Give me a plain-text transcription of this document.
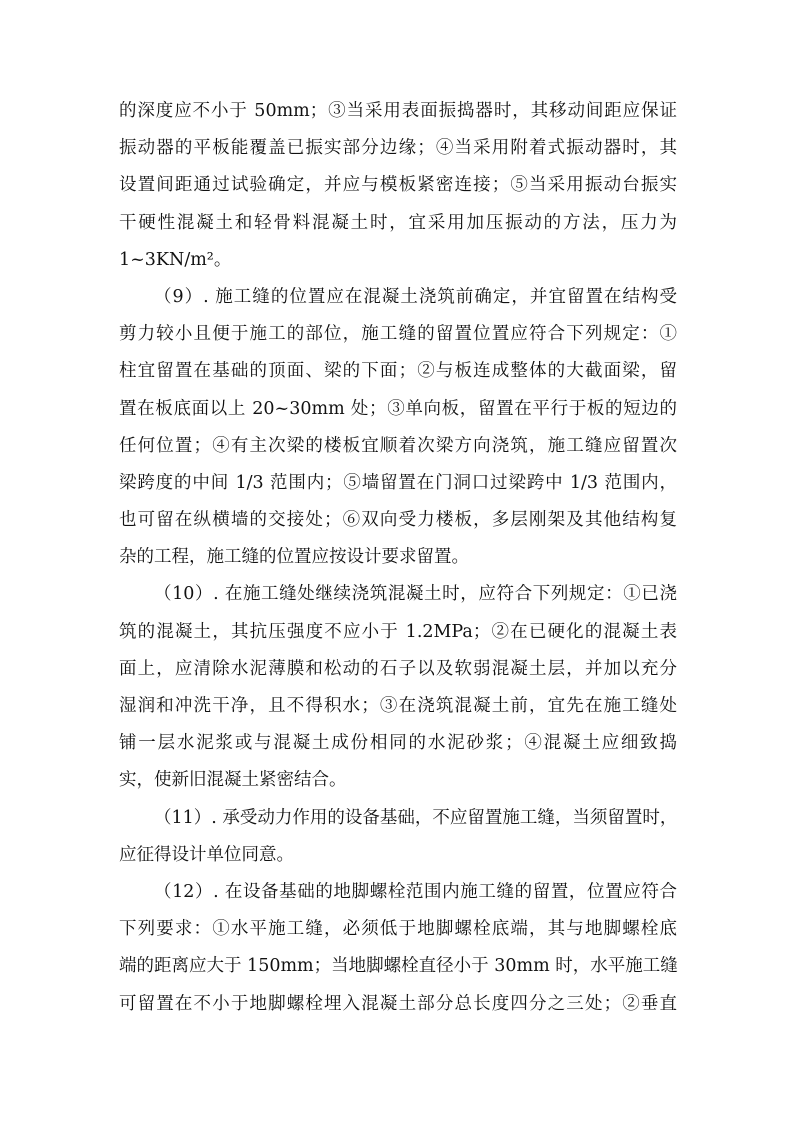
的深度应不小于 50mm；③当采用表面振捣器时，其移动间距应保证
振动器的平板能覆盖已振实部分边缘；④当采用附着式振动器时，其
设置间距通过试验确定，并应与模板紧密连接；⑤当采用振动台振实
干硬性混凝土和轻骨料混凝土时，宜采用加压振动的方法，压力为
1~3KN/m²。
（9）. 施工缝的位置应在混凝土浇筑前确定，并宜留置在结构受
剪力较小且便于施工的部位，施工缝的留置位置应符合下列规定：①
柱宜留置在基础的顶面、梁的下面；②与板连成整体的大截面梁，留
置在板底面以上 20~30mm 处；③单向板，留置在平行于板的短边的
任何位置；④有主次梁的楼板宜顺着次梁方向浇筑，施工缝应留置次
梁跨度的中间 1/3 范围内；⑤墙留置在门洞口过梁跨中 1/3 范围内，
也可留在纵横墙的交接处；⑥双向受力楼板，多层刚架及其他结构复
杂的工程，施工缝的位置应按设计要求留置。
（10）. 在施工缝处继续浇筑混凝土时，应符合下列规定：①已浇
筑的混凝土，其抗压强度不应小于 1.2MPa；②在已硬化的混凝土表
面上，应清除水泥薄膜和松动的石子以及软弱混凝土层，并加以充分
湿润和冲洗干净，且不得积水；③在浇筑混凝土前，宜先在施工缝处
铺一层水泥浆或与混凝土成份相同的水泥砂浆；④混凝土应细致捣
实，使新旧混凝土紧密结合。
（11）. 承受动力作用的设备基础，不应留置施工缝，当须留置时，
应征得设计单位同意。
（12）. 在设备基础的地脚螺栓范围内施工缝的留置，位置应符合
下列要求：①水平施工缝，必须低于地脚螺栓底端，其与地脚螺栓底
端的距离应大于 150mm；当地脚螺栓直径小于 30mm 时，水平施工缝
可留置在不小于地脚螺栓埋入混凝土部分总长度四分之三处；②垂直
